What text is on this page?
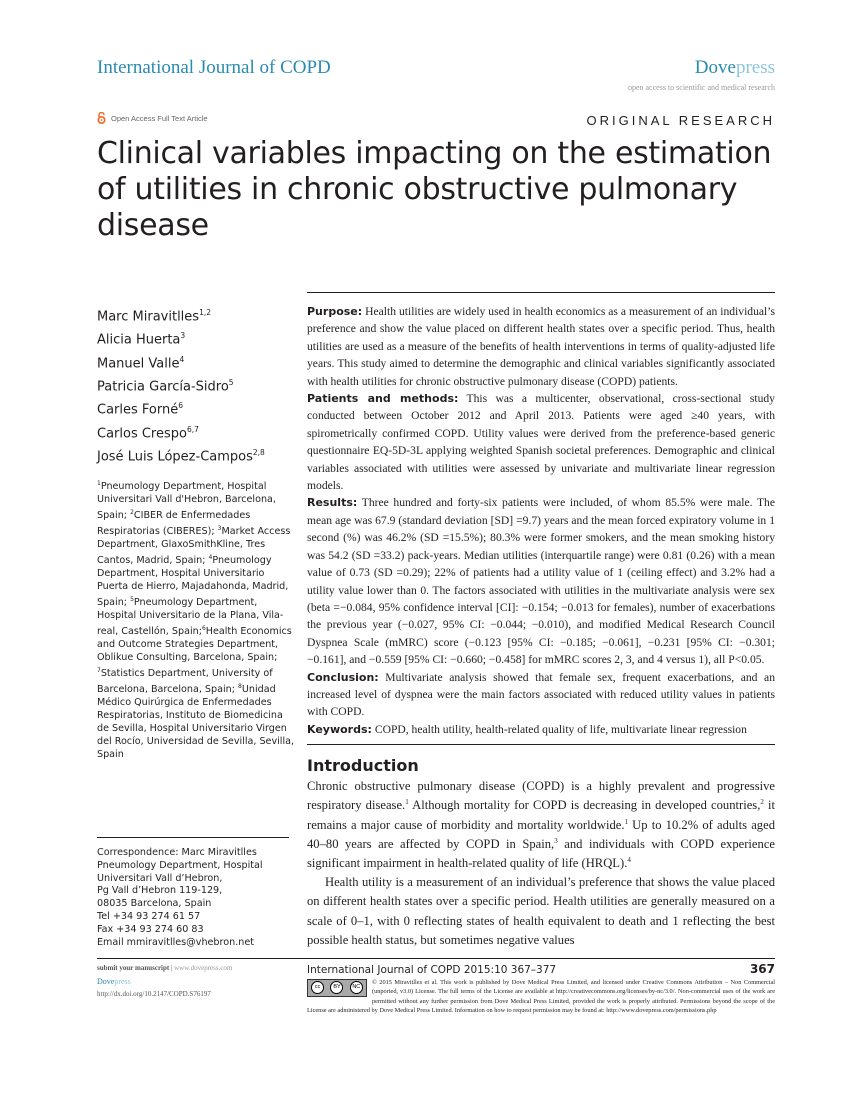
International Journal of COPD	Dovepress
open access to scientific and medical research
Open Access Full Text Article	ORIGINAL RESEARCH
Clinical variables impacting on the estimation of utilities in chronic obstructive pulmonary disease
Marc Miravitlles$^{1,2}$
Alicia Huerta$^3$
Manuel Valle$^4$
Patricia García-Sidro$^5$
Carles Forné$^6$
Carlos Crespo$^{6,7}$
José Luis López-Campos$^{2,8}$
$^1$Pneumology Department, Hospital Universitari Vall d'Hebron, Barcelona, Spain; $^2$CIBER de Enfermedades Respiratorias (CIBERES); $^3$Market Access Department, GlaxoSmithKline, Tres Cantos, Madrid, Spain; $^4$Pneumology Department, Hospital Universitario Puerta de Hierro, Majadahonda, Madrid, Spain; $^5$Pneumology Department, Hospital Universitario de la Plana, Vila-real, Castellón, Spain;$^6$Health Economics and Outcome Strategies Department, Oblikue Consulting, Barcelona, Spain; $^7$Statistics Department, University of Barcelona, Barcelona, Spain; $^8$Unidad Médico Quirúrgica de Enfermedades Respiratorias, Instituto de Biomedicina de Sevilla, Hospital Universitario Virgen del Rocío, Universidad de Sevilla, Sevilla, Spain
Correspondence: Marc Miravitlles
Pneumology Department, Hospital
Universitari Vall d’Hebron,
Pg Vall d’Hebron 119-129,
08035 Barcelona, Spain
Tel +34 93 274 61 57
Fax +34 93 274 60 83
Email mmiravitlles@vhebron.net

Purpose: Health utilities are widely used in health economics as a measurement of an individual’s preference and show the value placed on different health states over a specific period. Thus, health utilities are used as a measure of the benefits of health interventions in terms of quality-adjusted life years. This study aimed to determine the demographic and clinical variables significantly associated with health utilities for chronic obstructive pulmonary disease (COPD) patients.

Patients and methods: This was a multicenter, observational, cross-sectional study conducted between October 2012 and April 2013. Patients were aged ≥40 years, with spirometrically confirmed COPD. Utility values were derived from the preference-based generic questionnaire EQ-5D-3L applying weighted Spanish societal preferences. Demographic and clinical variables associated with utilities were assessed by univariate and multivariate linear regression models.

Results: Three hundred and forty-six patients were included, of whom 85.5% were male. The mean age was 67.9 (standard deviation [SD] =9.7) years and the mean forced expiratory volume in 1 second (%) was 46.2% (SD =15.5%); 80.3% were former smokers, and the mean smoking history was 54.2 (SD =33.2) pack-years. Median utilities (interquartile range) were 0.81 (0.26) with a mean value of 0.73 (SD =0.29); 22% of patients had a utility value of 1 (ceiling effect) and 3.2% had a utility value lower than 0. The factors associated with utilities in the multivariate analysis were sex (beta =−0.084, 95% confidence interval [CI]: −0.154; −0.013 for females), number of exacerbations the previous year (−0.027, 95% CI: −0.044; −0.010), and modified Medical Research Council Dyspnea Scale (mMRC) score (−0.123 [95% CI: −0.185; −0.061], −0.231 [95% CI: −0.301; −0.161], and −0.559 [95% CI: −0.660; −0.458] for mMRC scores 2, 3, and 4 versus 1), all P<0.05.

Conclusion: Multivariate analysis showed that female sex, frequent exacerbations, and an increased level of dyspnea were the main factors associated with reduced utility values in patients with COPD.

Keywords: COPD, health utility, health-related quality of life, multivariate linear regression

Introduction

Chronic obstructive pulmonary disease (COPD) is a highly prevalent and progressive respiratory disease.$^1$ Although mortality for COPD is decreasing in developed countries,$^2$ it remains a major cause of morbidity and mortality worldwide.$^1$ Up to 10.2% of adults aged 40–80 years are affected by COPD in Spain,$^3$ and individuals with COPD experience significant impairment in health-related quality of life (HRQL).$^4$

Health utility is a measurement of an individual’s preference that shows the value placed on different health states over a specific period. Health utilities are generally measured on a scale of 0–1, with 0 reflecting states of health equivalent to death and 1 reflecting the best possible health status, but sometimes negative values

submit your manuscript | www.dovepress.com
Dovepress
http://dx.doi.org/10.2147/COPD.S76197
International Journal of COPD 2015:10 367–377	367
cc	BY	NC
© 2015 Miravitlles et al. This work is published by Dove Medical Press Limited, and licensed under Creative Commons Attribution – Non Commercial (unported, v3.0) License. The full terms of the License are available at http://creativecommons.org/licenses/by-nc/3.0/. Non-commercial uses of the work are permitted without any further permission from Dove Medical Press Limited, provided the work is properly attributed. Permissions beyond the scope of the License are administered by Dove Medical Press Limited. Information on how to request permission may be found at: http://www.dovepress.com/permissions.php
